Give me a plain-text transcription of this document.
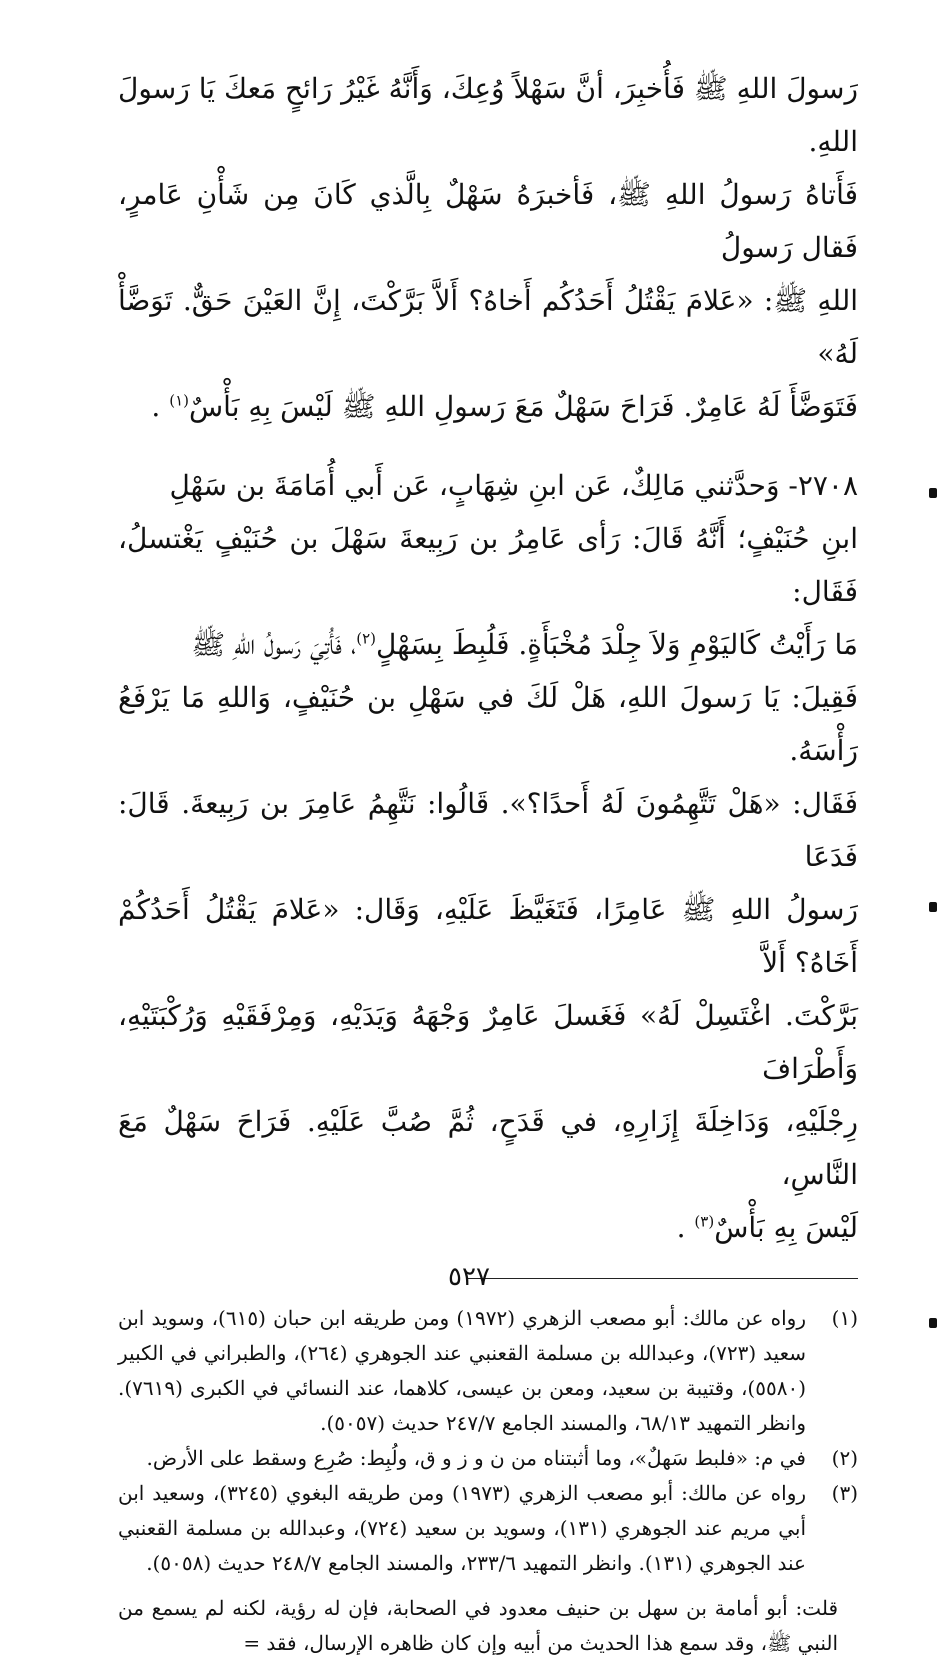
رَسولَ اللهِ ﷺ فَأُخبِرَ، أنَّ سَهْلاً وُعِكَ، وَأَنَّهُ غَيْرُ رَائحٍ مَعكَ يَا رَسولَ اللهِ.

فَأَتاهُ رَسولُ اللهِ ﷺ، فَأخبرَهُ سَهْلٌ بِالَّذي كَانَ مِن شَأْنِ عَامرٍ، فَقال رَسولُ

اللهِ ﷺ: «عَلامَ يَقْتُلُ أَحَدُكُم أَخاهُ؟ أَلاَّ بَرَّكْتَ، إِنَّ العَيْنَ حَقٌّ. تَوَضَّأْ لَهُ»

فَتَوَضَّأَ لَهُ عَامِرٌ. فَرَاحَ سَهْلٌ مَعَ رَسولِ اللهِ ﷺ لَيْسَ بِهِ بَأْسٌ$^{(١)}$ .

٢٧٠٨- وَحدَّثني مَالِكٌ، عَن ابنِ شِهَابٍ، عَن أَبي أُمَامَةَ بن سَهْلِ

ابنِ حُنَيْفٍ؛ أَنَّهُ قَالَ: رَأى عَامِرُ بن رَبِيعةَ سَهْلَ بن حُنَيْفٍ يَغْتسلُ، فَقَال:

مَا رَأَيْتُ كَاليَوْمِ وَلاَ جِلْدَ مُخْبَأَةٍ. فَلُبِطَ بِسَهْلٍ$^{(٢)}$، فَأُتِيَ رَسولُ اللهِ ﷺ

فَقِيلَ: يَا رَسولَ اللهِ، هَلْ لَكَ في سَهْلِ بن حُنَيْفٍ، وَاللهِ مَا يَرْفَعُ رَأْسَهُ.

فَقَال: «هَلْ تَتَّهِمُونَ لَهُ أَحدًا؟». قَالُوا: نَتَّهِمُ عَامِرَ بن رَبِيعةَ. قَالَ: فَدَعَا

رَسولُ اللهِ ﷺ عَامِرًا، فَتَغَيَّظَ عَلَيْهِ، وَقَال: «عَلامَ يَقْتُلُ أَحَدُكُمْ أَخَاهُ؟ أَلاَّ

بَرَّكْتَ. اغْتَسِلْ لَهُ» فَغَسلَ عَامِرٌ وَجْهَهُ وَيَدَيْهِ، وَمِرْفَقَيْهِ وَرُكْبَتَيْهِ، وَأَطْرَافَ

رِجْلَيْهِ، وَدَاخِلَةَ إِزَارِهِ، في قَدَحٍ، ثُمَّ صُبَّ عَلَيْهِ. فَرَاحَ سَهْلٌ مَعَ النَّاسِ،

لَيْسَ بِهِ بَأْسٌ$^{(٣)}$ .

(١)
رواه عن مالك: أبو مصعب الزهري (١٩٧٢) ومن طريقه ابن حبان (٦١٥)، وسويد ابن سعيد (٧٢٣)، وعبدالله بن مسلمة القعنبي عند الجوهري (٢٦٤)، والطبراني في الكبير (٥٥٨٠)، وقتيبة بن سعيد، ومعن بن عيسى، كلاهما، عند النسائي في الكبرى (٧٦١٩). وانظر التمهيد ٦٨/١٣، والمسند الجامع ٢٤٧/٧ حديث (٥٠٥٧).
(٢)
في م: «فلبط سَهلٌ»، وما أثبتناه من ن و ز و ق، ولُبِط: صُرِع وسقط على الأرض.
(٣)
رواه عن مالك: أبو مصعب الزهري (١٩٧٣) ومن طريقه البغوي (٣٢٤٥)، وسعيد ابن أبي مريم عند الجوهري (١٣١)، وسويد بن سعيد (٧٢٤)، وعبدالله بن مسلمة القعنبي عند الجوهري (١٣١). وانظر التمهيد ٢٣٣/٦، والمسند الجامع ٢٤٨/٧ حديث (٥٠٥٨).
قلت: أبو أمامة بن سهل بن حنيف معدود في الصحابة، فإن له رؤية، لكنه لم يسمع من النبي ﷺ، وقد سمع هذا الحديث من أبيه وإن كان ظاهره الإرسال، فقد =
٥٢٧
